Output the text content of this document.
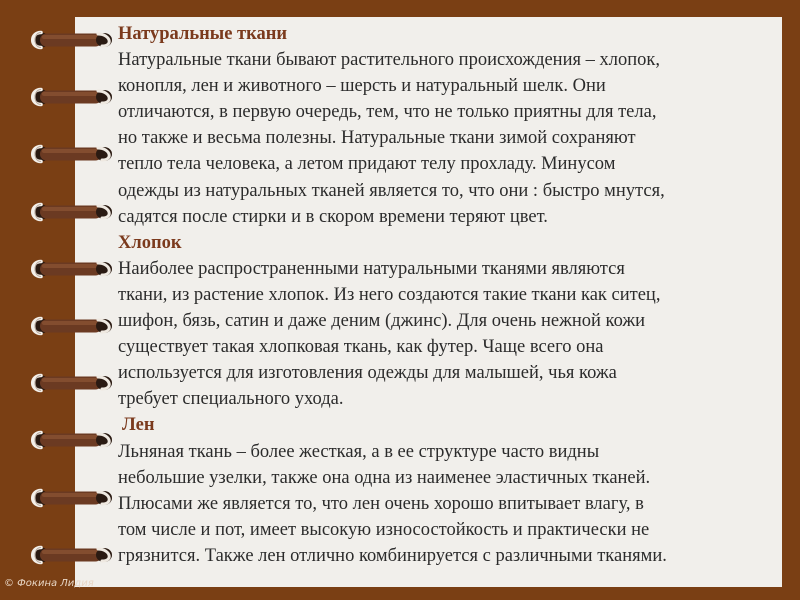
Натуральные ткани

Натуральные ткани бывают растительного происхождения – хлопок,

конопля, лен и животного – шерсть и натуральный шелк. Они

отличаются, в первую очередь, тем, что не только приятны для тела,

но также и весьма полезны. Натуральные ткани зимой сохраняют

тепло тела человека, а летом придают телу прохладу. Минусом

одежды из натуральных тканей является то, что они : быстро мнутся,

садятся после стирки и в скором времени теряют цвет.

Хлопок

Наиболее распространенными натуральными тканями являются

ткани, из растение хлопок. Из него создаются такие ткани как ситец,

шифон, бязь, сатин и даже деним (джинс). Для очень нежной кожи

существует такая хлопковая ткань, как футер. Чаще всего она

используется для изготовления одежды для малышей, чья кожа

требует специального ухода.

Лен

Льняная ткань – более жесткая, а в ее структуре часто видны

небольшие узелки, также она одна из наименее эластичных тканей.

Плюсами же является то, что лен очень хорошо впитывает влагу, в

том числе и пот, имеет высокую износостойкость и практически не

грязнится. Также лен отлично комбинируется с различными тканями.

© Фокина Лидия
